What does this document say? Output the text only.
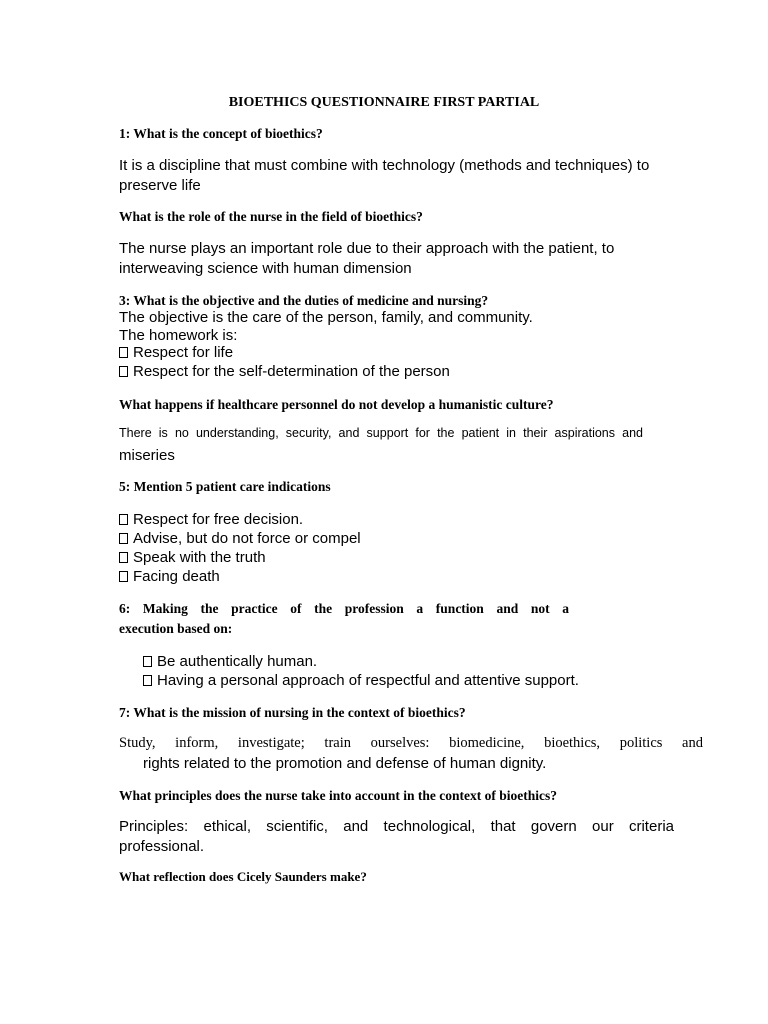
BIOETHICS QUESTIONNAIRE FIRST PARTIAL
1: What is the concept of bioethics?
It is a discipline that must combine with technology (methods and techniques) to
preserve life
What is the role of the nurse in the field of bioethics?
The nurse plays an important role due to their approach with the patient, to
interweaving science with human dimension
3: What is the objective and the duties of medicine and nursing?
The objective is the care of the person, family, and community.
The homework is:
Respect for life
Respect for the self-determination of the person
What happens if healthcare personnel do not develop a humanistic culture?
There is no understanding, security, and support for the patient in their aspirations and
miseries
5: Mention 5 patient care indications
Respect for free decision.
Advise, but do not force or compel
Speak with the truth
Facing death
6: Making the practice of the profession a function and not a
execution based on:
Be authentically human.
Having a personal approach of respectful and attentive support.
7: What is the mission of nursing in the context of bioethics?
Study, inform, investigate; train ourselves: biomedicine, bioethics, politics and
rights related to the promotion and defense of human dignity.
What principles does the nurse take into account in the context of bioethics?
Principles: ethical, scientific, and technological, that govern our criteria
professional.
What reflection does Cicely Saunders make?
